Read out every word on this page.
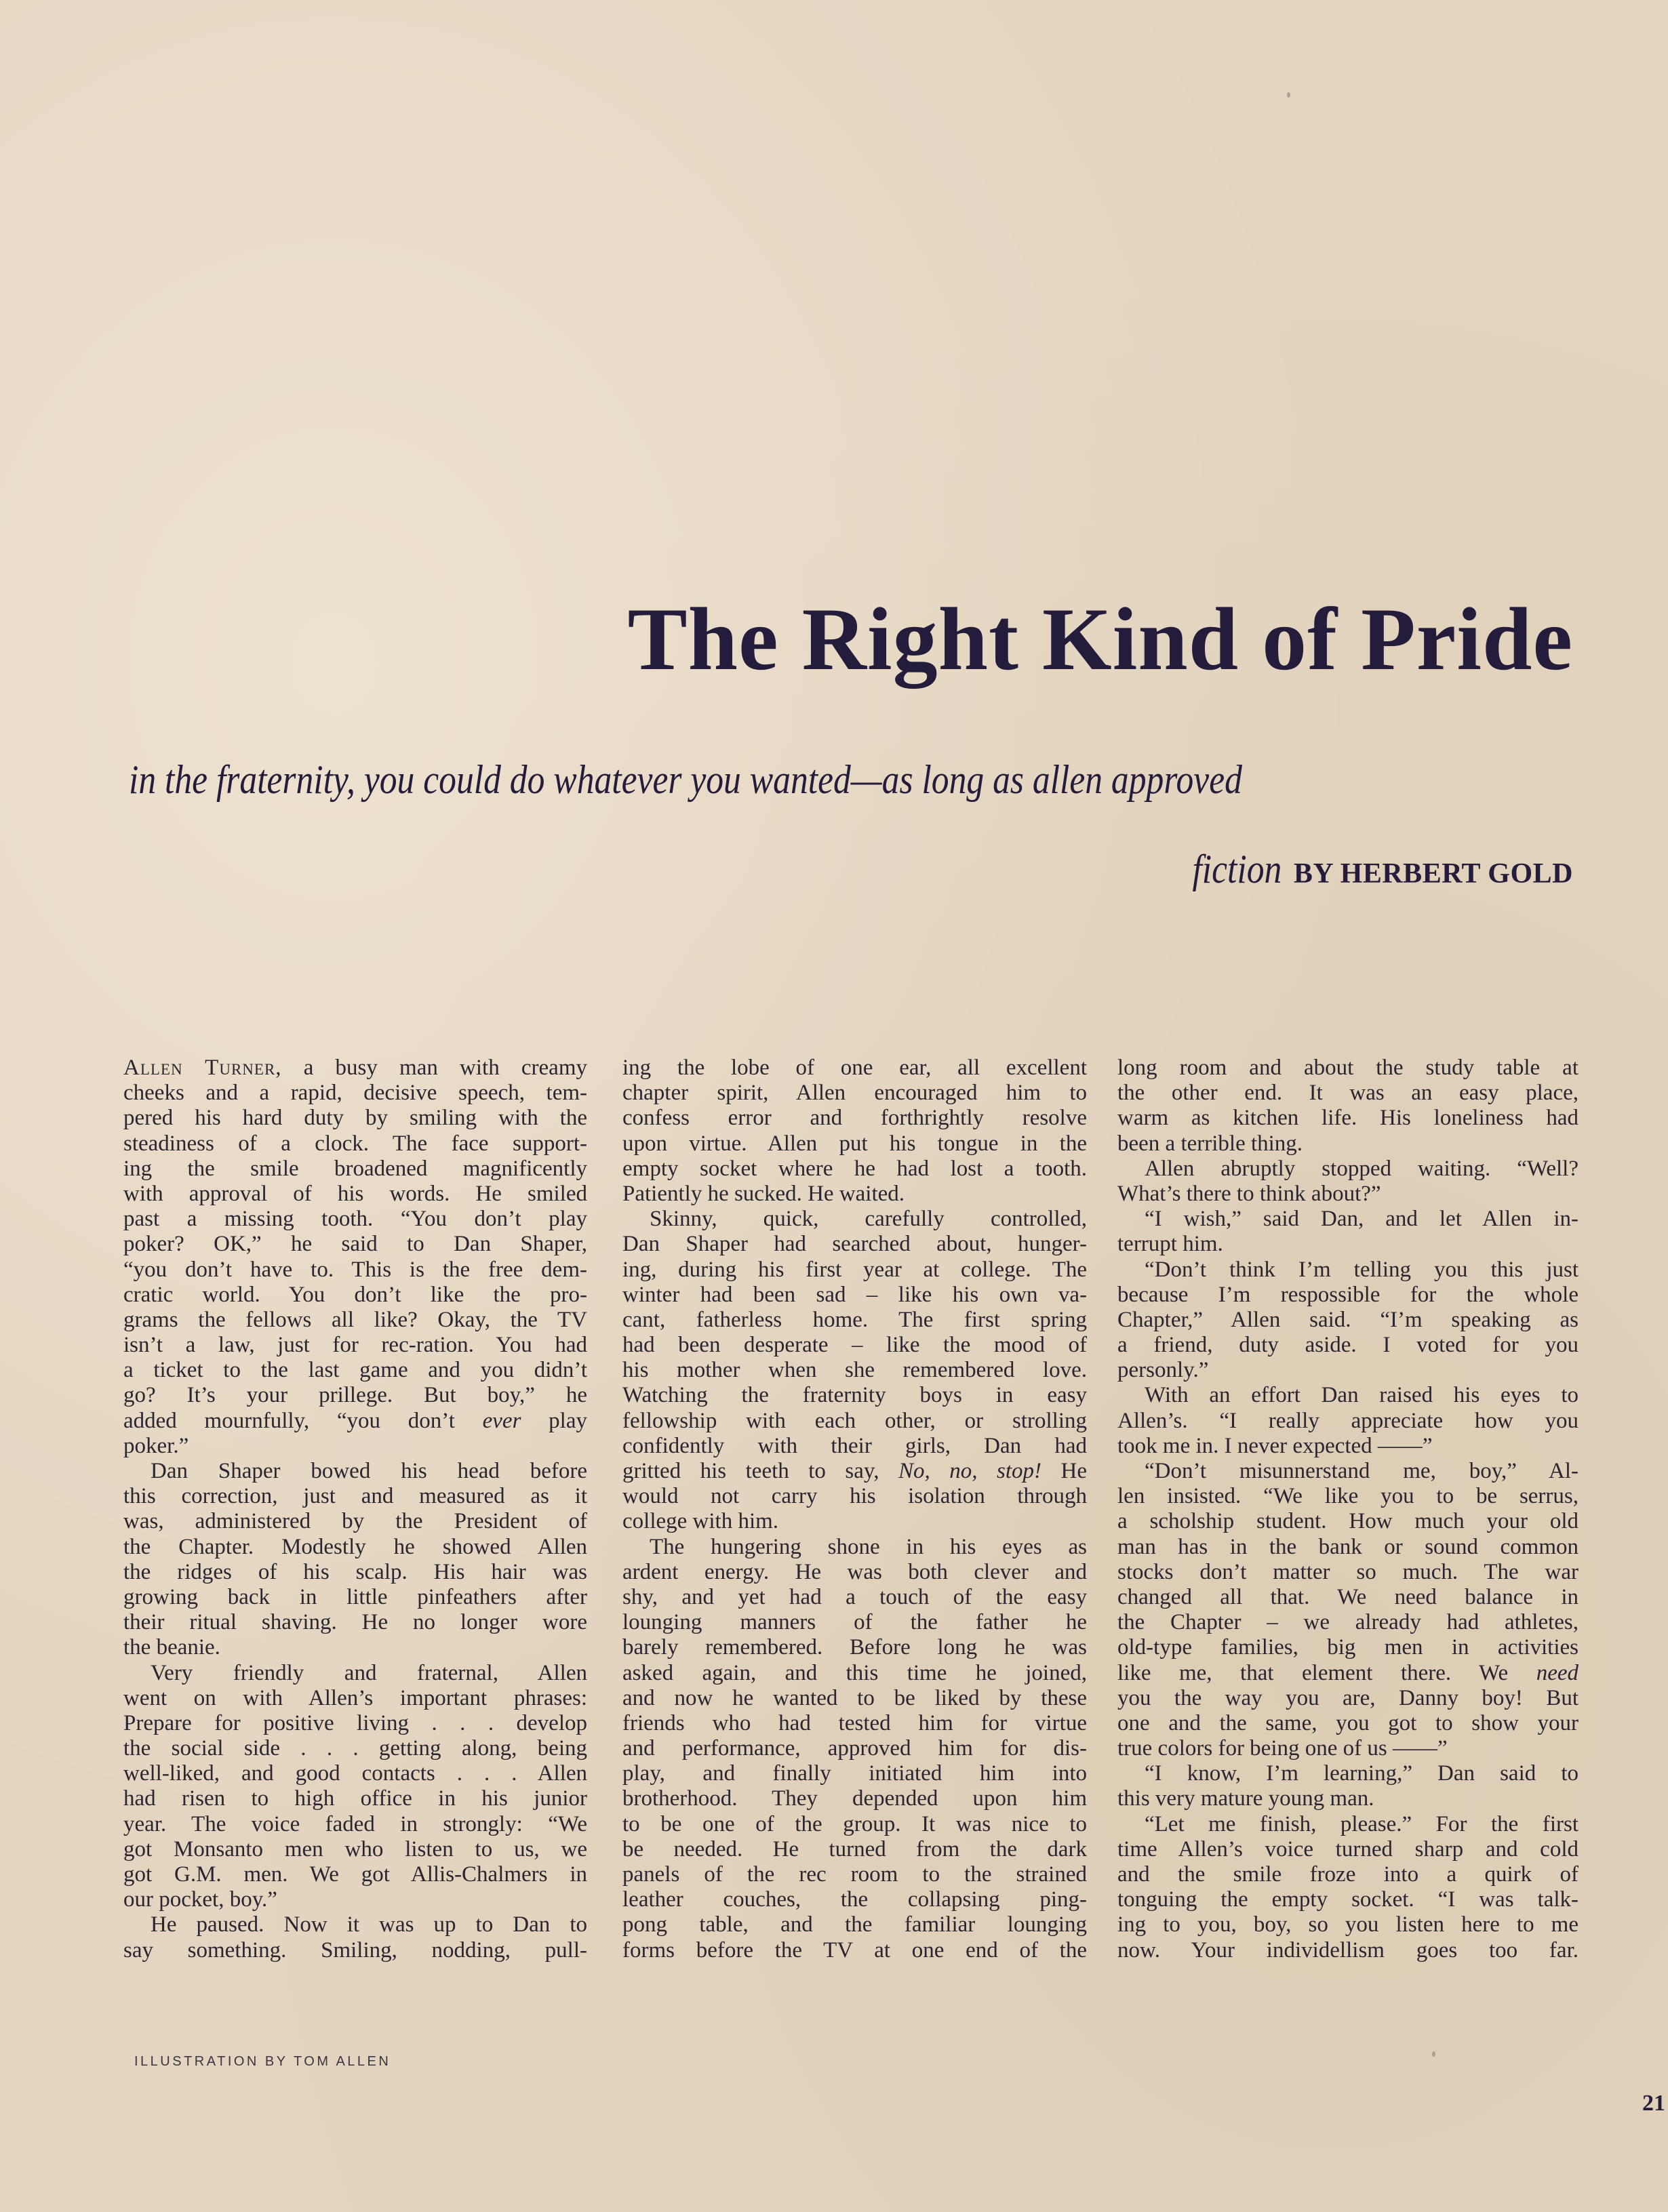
The Right Kind of Pride
in the fraternity, you could do whatever you wanted—as long as allen approved
fiction BY HERBERT GOLD
Allen Turner, a busy man with creamy
cheeks and a rapid, decisive speech, tem-
pered his hard duty by smiling with the
steadiness of a clock. The face support-
ing the smile broadened magnificently
with approval of his words. He smiled
past a missing tooth. “You don’t play
poker? OK,” he said to Dan Shaper,
“you don’t have to. This is the free dem-
cratic world. You don’t like the pro-
grams the fellows all like? Okay, the TV
isn’t a law, just for rec-ration. You had
a ticket to the last game and you didn’t
go? It’s your prillege. But boy,” he
added mournfully, “you don’t ever play
poker.”
Dan Shaper bowed his head before
this correction, just and measured as it
was, administered by the President of
the Chapter. Modestly he showed Allen
the ridges of his scalp. His hair was
growing back in little pinfeathers after
their ritual shaving. He no longer wore
the beanie.
Very friendly and fraternal, Allen
went on with Allen’s important phrases:
Prepare for positive living . . . develop
the social side . . . getting along, being
well-liked, and good contacts . . . Allen
had risen to high office in his junior
year. The voice faded in strongly: “We
got Monsanto men who listen to us, we
got G.M. men. We got Allis-Chalmers in
our pocket, boy.”
He paused. Now it was up to Dan to
say something. Smiling, nodding, pull-
ing the lobe of one ear, all excellent
chapter spirit, Allen encouraged him to
confess error and forthrightly resolve
upon virtue. Allen put his tongue in the
empty socket where he had lost a tooth.
Patiently he sucked. He waited.
Skinny, quick, carefully controlled,
Dan Shaper had searched about, hunger-
ing, during his first year at college. The
winter had been sad – like his own va-
cant, fatherless home. The first spring
had been desperate – like the mood of
his mother when she remembered love.
Watching the fraternity boys in easy
fellowship with each other, or strolling
confidently with their girls, Dan had
gritted his teeth to say, No, no, stop! He
would not carry his isolation through
college with him.
The hungering shone in his eyes as
ardent energy. He was both clever and
shy, and yet had a touch of the easy
lounging manners of the father he
barely remembered. Before long he was
asked again, and this time he joined,
and now he wanted to be liked by these
friends who had tested him for virtue
and performance, approved him for dis-
play, and finally initiated him into
brotherhood. They depended upon him
to be one of the group. It was nice to
be needed. He turned from the dark
panels of the rec room to the strained
leather couches, the collapsing ping-
pong table, and the familiar lounging
forms before the TV at one end of the
long room and about the study table at
the other end. It was an easy place,
warm as kitchen life. His loneliness had
been a terrible thing.
Allen abruptly stopped waiting. “Well?
What’s there to think about?”
“I wish,” said Dan, and let Allen in-
terrupt him.
“Don’t think I’m telling you this just
because I’m respossible for the whole
Chapter,” Allen said. “I’m speaking as
a friend, duty aside. I voted for you
personly.”
With an effort Dan raised his eyes to
Allen’s. “I really appreciate how you
took me in. I never expected ——”
“Don’t misunnerstand me, boy,” Al-
len insisted. “We like you to be serrus,
a scholship student. How much your old
man has in the bank or sound common
stocks don’t matter so much. The war
changed all that. We need balance in
the Chapter – we already had athletes,
old-type families, big men in activities
like me, that element there. We need
you the way you are, Danny boy! But
one and the same, you got to show your
true colors for being one of us ——”
“I know, I’m learning,” Dan said to
this very mature young man.
“Let me finish, please.” For the first
time Allen’s voice turned sharp and cold
and the smile froze into a quirk of
tonguing the empty socket. “I was talk-
ing to you, boy, so you listen here to me
now. Your individellism goes too far.
ILLUSTRATION BY TOM ALLEN
21
